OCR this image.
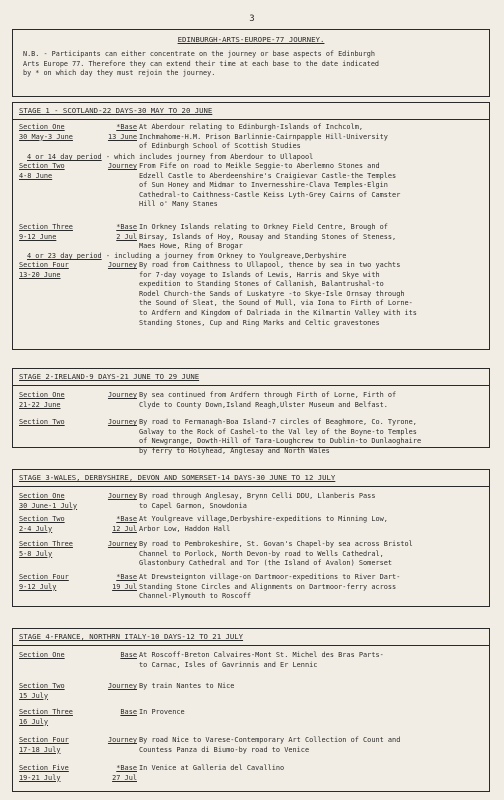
3
EDINBURGH-ARTS-EUROPE-77 JOURNEY.
N.B. - Participants can either concentrate on the journey or base aspects of Edinburgh
Arts Europe 77. Therefore they can extend their time at each base to the date indicated
by * on which day they must rejoin the journey.
STAGE 1 - SCOTLAND-22 DAYS-30 MAY TO 20 JUNE
Section One	*Base
30 May-3 June	13 June
At Aberdour relating to Edinburgh-Islands of Inchcolm,
Inchmahome-H.M. Prison Barlinnie-Cairnpapple Hill-University
of Edinburgh School of Scottish Studies
4 or 14 day period - which includes journey from Aberdour to Ullapool
Section Two	Journey
4-8 June
From Fife on road to Meikle Seggie-to Aberlemno Stones and
Edzell Castle to Aberdeenshire's Craigievar Castle-the Temples
of Sun Honey and Midmar to Invernesshire-Clava Temples-Elgin
Cathedral-to Caithness-Castle Keiss Lyth-Grey Cairns of Camster
Hill o' Many Stanes
Section Three	*Base
9-12 June	2 Jul
In Orkney Islands relating to Orkney Field Centre, Brough of
Birsay, Islands of Hoy, Rousay and Standing Stones of Steness,
Maes Howe, Ring of Brogar
4 or 23 day period - including a journey from Orkney to Youlgreave,Derbyshire
Section Four	Journey
13-20 June
By road from Caithness to Ullapool, thence by sea in two yachts
for 7-day voyage to Islands of Lewis, Harris and Skye with
expedition to Standing Stones of Callanish, Balantrushal-to
Rodel Church-the Sands of Luskatyre -to Skye-Isle Ornsay through
the Sound of Sleat, the Sound of Mull, via Iona to Firth of Lorne-
to Ardfern and Kingdom of Dalriada in the Kilmartin Valley with its
Standing Stones, Cup and Ring Marks and Celtic gravestones
STAGE 2-IRELAND-9 DAYS-21 JUNE TO 29 JUNE
Section One	Journey
21-22 June
By sea continued from Ardfern through Firth of Lorne, Firth of
Clyde to County Down,Island Reagh,Ulster Museum and Belfast.
Section Two	Journey By road to Fermanagh-Boa Island-7 circles of Beaghmore, Co. Tyrone,
Galway to the Rock of Cashel-to the Val ley of the Boyne-to Temples
of Newgrange, Dowth-Hill of Tara-Loughcrew to Dublin-to Dunlaoghaire
by ferry to Holyhead, Anglesay and North Wales
STAGE 3-WALES, DERBYSHIRE, DEVON AND SOMERSET-14 DAYS-30 JUNE TO 12 JULY
Section One	Journey
30 June-1 July
By road through Anglesay, Brynn Celli DDU, Llanberis Pass
to Capel Garmon, Snowdonia
Section Two	*Base
2-4 July	12 Jul
At Youlgreave village,Derbyshire-expeditions to Minning Low,
Arbor Low, Haddon Hall
Section Three	Journey
5-8 July
By road to Pembrokeshire, St. Govan's Chapel-by sea across Bristol
Channel to Porlock, North Devon-by road to Wells Cathedral,
Glastonbury Cathedral and Tor (the Island of Avalon) Somerset
Section Four	*Base
9-12 July	19 Jul
At Drewsteignton village-on Dartmoor-expeditions to River Dart-
Standing Stone Circles and Alignments on Dartmoor-ferry across
Channel-Plymouth to Roscoff
STAGE 4-FRANCE, NORTHRN ITALY-10 DAYS-12 TO 21 JULY
Section One	Base At Roscoff-Breton Calvaires-Mont St. Michel des Bras Parts-
to Carnac, Isles of Gavrinnis and Er Lennic
Section Two	Journey
15 July
By train Nantes to Nice
Section Three	Base
16 July
In Provence
Section Four	Journey
17-18 July
By road Nice to Varese-Contemporary Art Collection of Count and
Countess Panza di Biumo-by road to Venice
Section Five	*Base
19-21 July	27 Jul
In Venice at Galleria del Cavallino
